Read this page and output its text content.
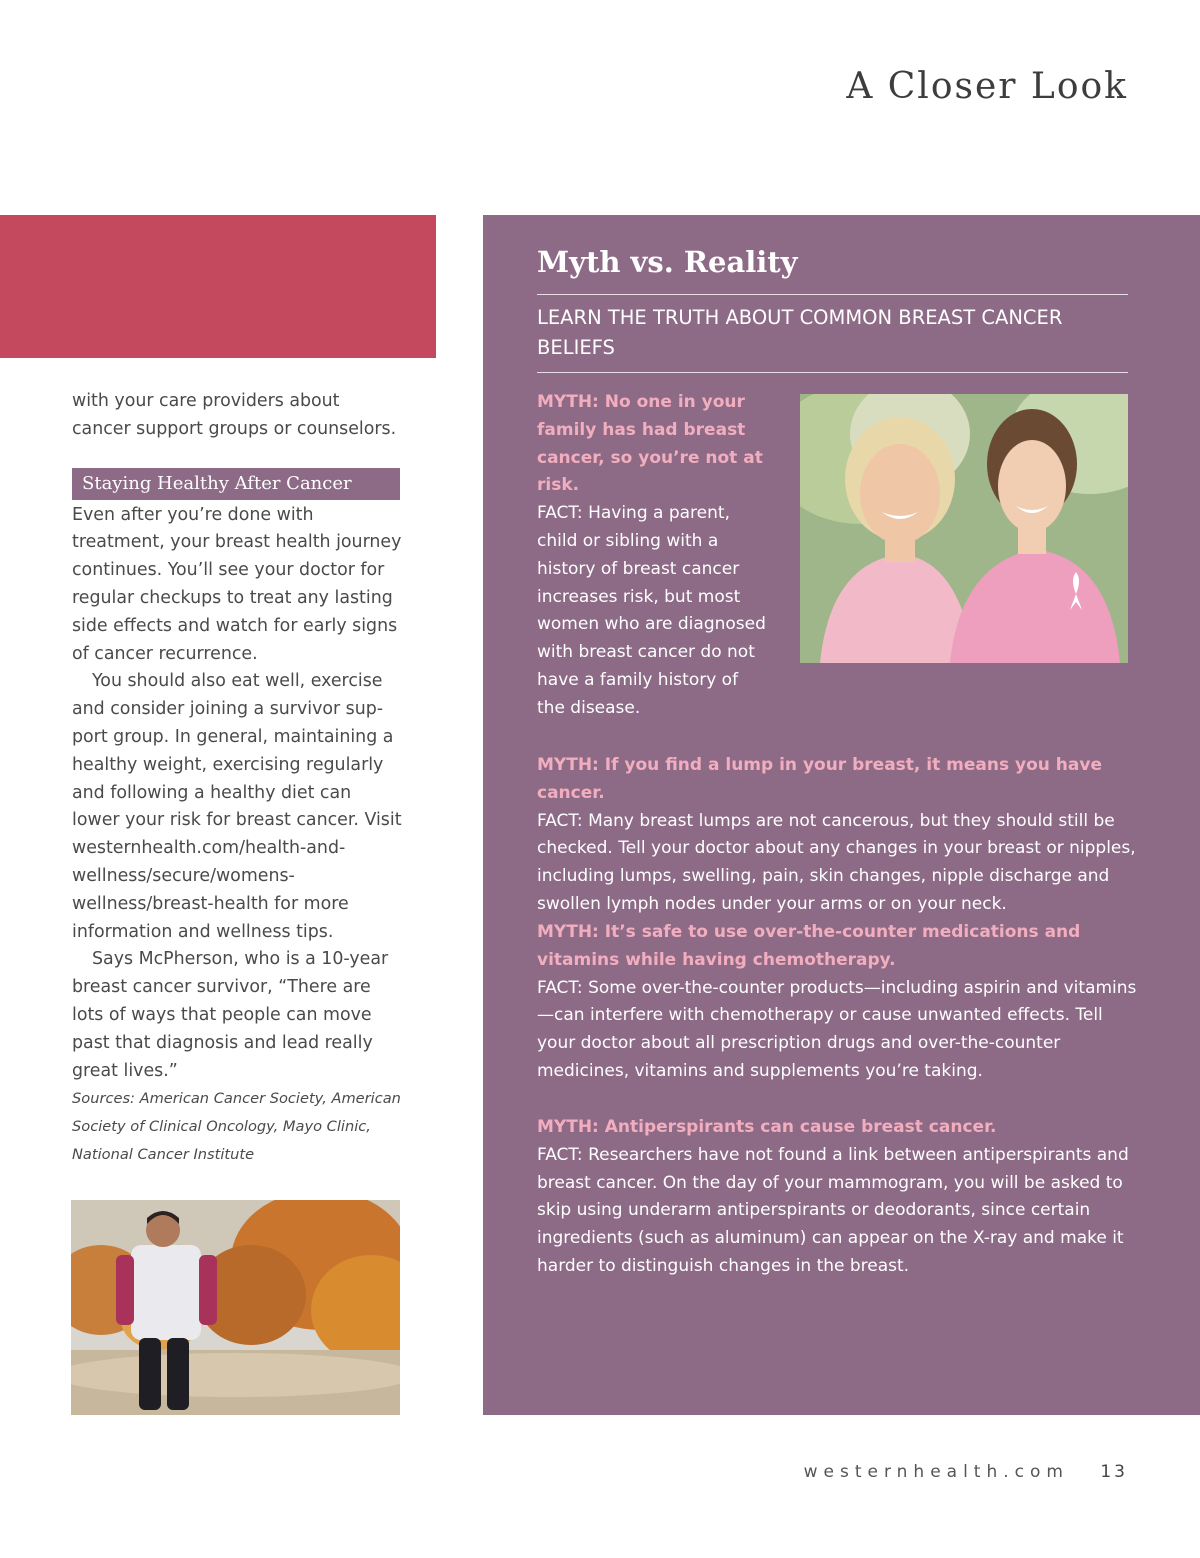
A Closer Look

with your care providers about cancer support groups or counselors.

Staying Healthy After Cancer

Even after you’re done with treatment, your breast health journey continues. You’ll see your doctor for regular checkups to treat any lasting side effects and watch for early signs of cancer recurrence.

You should also eat well, exercise and consider joining a survivor support group. In general, maintaining a healthy weight, exercising regularly and following a healthy diet can lower your risk for breast cancer. Visit westernhealth.com/health-and-wellness/secure/womens-wellness/breast-health for more information and wellness tips.

Says McPherson, who is a 10-year breast cancer survivor, “There are lots of ways that people can move past that diagnosis and lead really great lives.”

Sources: American Cancer Society, American Society of Clinical Oncology, Mayo Clinic, National Cancer Institute

Myth vs. Reality

LEARN THE TRUTH ABOUT COMMON BREAST CANCER BELIEFS

MYTH: No one in your family has had breast cancer, so you’re not at risk.
FACT: Having a parent, child or sibling with a history of breast cancer increases risk, but most women who are diagnosed with breast cancer do not have a family history of the disease.
MYTH: If you find a lump in your breast, it means you have cancer.
FACT: Many breast lumps are not cancerous, but they should still be checked. Tell your doctor about any changes in your breast or nipples, including lumps, swelling, pain, skin changes, nipple discharge and swollen lymph nodes under your arms or on your neck.
MYTH: It’s safe to use over-the-counter medications and vitamins while having chemotherapy.
FACT: Some over-the-counter products—including aspirin and vitamins—can interfere with chemotherapy or cause unwanted effects. Tell your doctor about all prescription drugs and over-the-counter medicines, vitamins and supplements you’re taking.
MYTH: Antiperspirants can cause breast cancer.
FACT: Researchers have not found a link between antiperspirants and breast cancer. On the day of your mammogram, you will be asked to skip using underarm antiperspirants or deodorants, since certain ingredients (such as aluminum) can appear on the X-ray and make it harder to distinguish changes in the breast.
westernhealth.com 13
